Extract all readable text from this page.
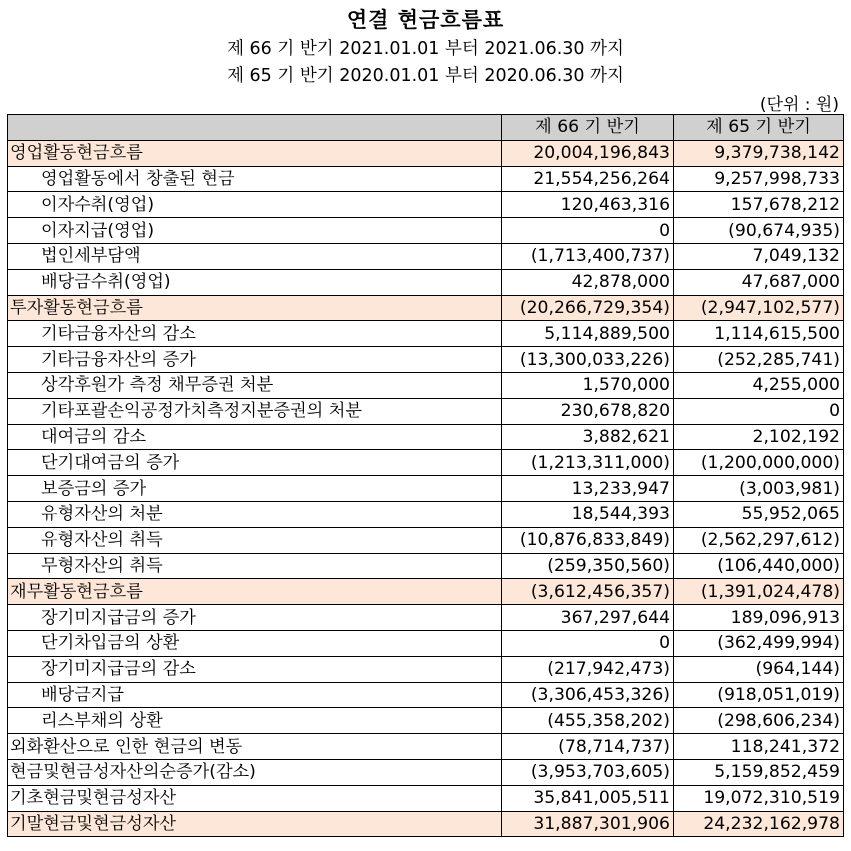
연결 현금흐름표
제 66 기 반기 2021.01.01 부터 2021.06.30 까지
제 65 기 반기 2020.01.01 부터 2020.06.30 까지
(단위 : 원)
	제 66 기 반기	제 65 기 반기
영업활동현금흐름	20,004,196,843	9,379,738,142
영업활동에서 창출된 현금	21,554,256,264	9,257,998,733
이자수취(영업)	120,463,316	157,678,212
이자지급(영업)	0	(90,674,935)
법인세부담액	(1,713,400,737)	7,049,132
배당금수취(영업)	42,878,000	47,687,000
투자활동현금흐름	(20,266,729,354)	(2,947,102,577)
기타금융자산의 감소	5,114,889,500	1,114,615,500
기타금융자산의 증가	(13,300,033,226)	(252,285,741)
상각후원가 측정 채무증권 처분	1,570,000	4,255,000
기타포괄손익공정가치측정지분증권의 처분	230,678,820	0
대여금의 감소	3,882,621	2,102,192
단기대여금의 증가	(1,213,311,000)	(1,200,000,000)
보증금의 증가	13,233,947	(3,003,981)
유형자산의 처분	18,544,393	55,952,065
유형자산의 취득	(10,876,833,849)	(2,562,297,612)
무형자산의 취득	(259,350,560)	(106,440,000)
재무활동현금흐름	(3,612,456,357)	(1,391,024,478)
장기미지급금의 증가	367,297,644	189,096,913
단기차입금의 상환	0	(362,499,994)
장기미지급금의 감소	(217,942,473)	(964,144)
배당금지급	(3,306,453,326)	(918,051,019)
리스부채의 상환	(455,358,202)	(298,606,234)
외화환산으로 인한 현금의 변동	(78,714,737)	118,241,372
현금및현금성자산의순증가(감소)	(3,953,703,605)	5,159,852,459
기초현금및현금성자산	35,841,005,511	19,072,310,519
기말현금및현금성자산	31,887,301,906	24,232,162,978
